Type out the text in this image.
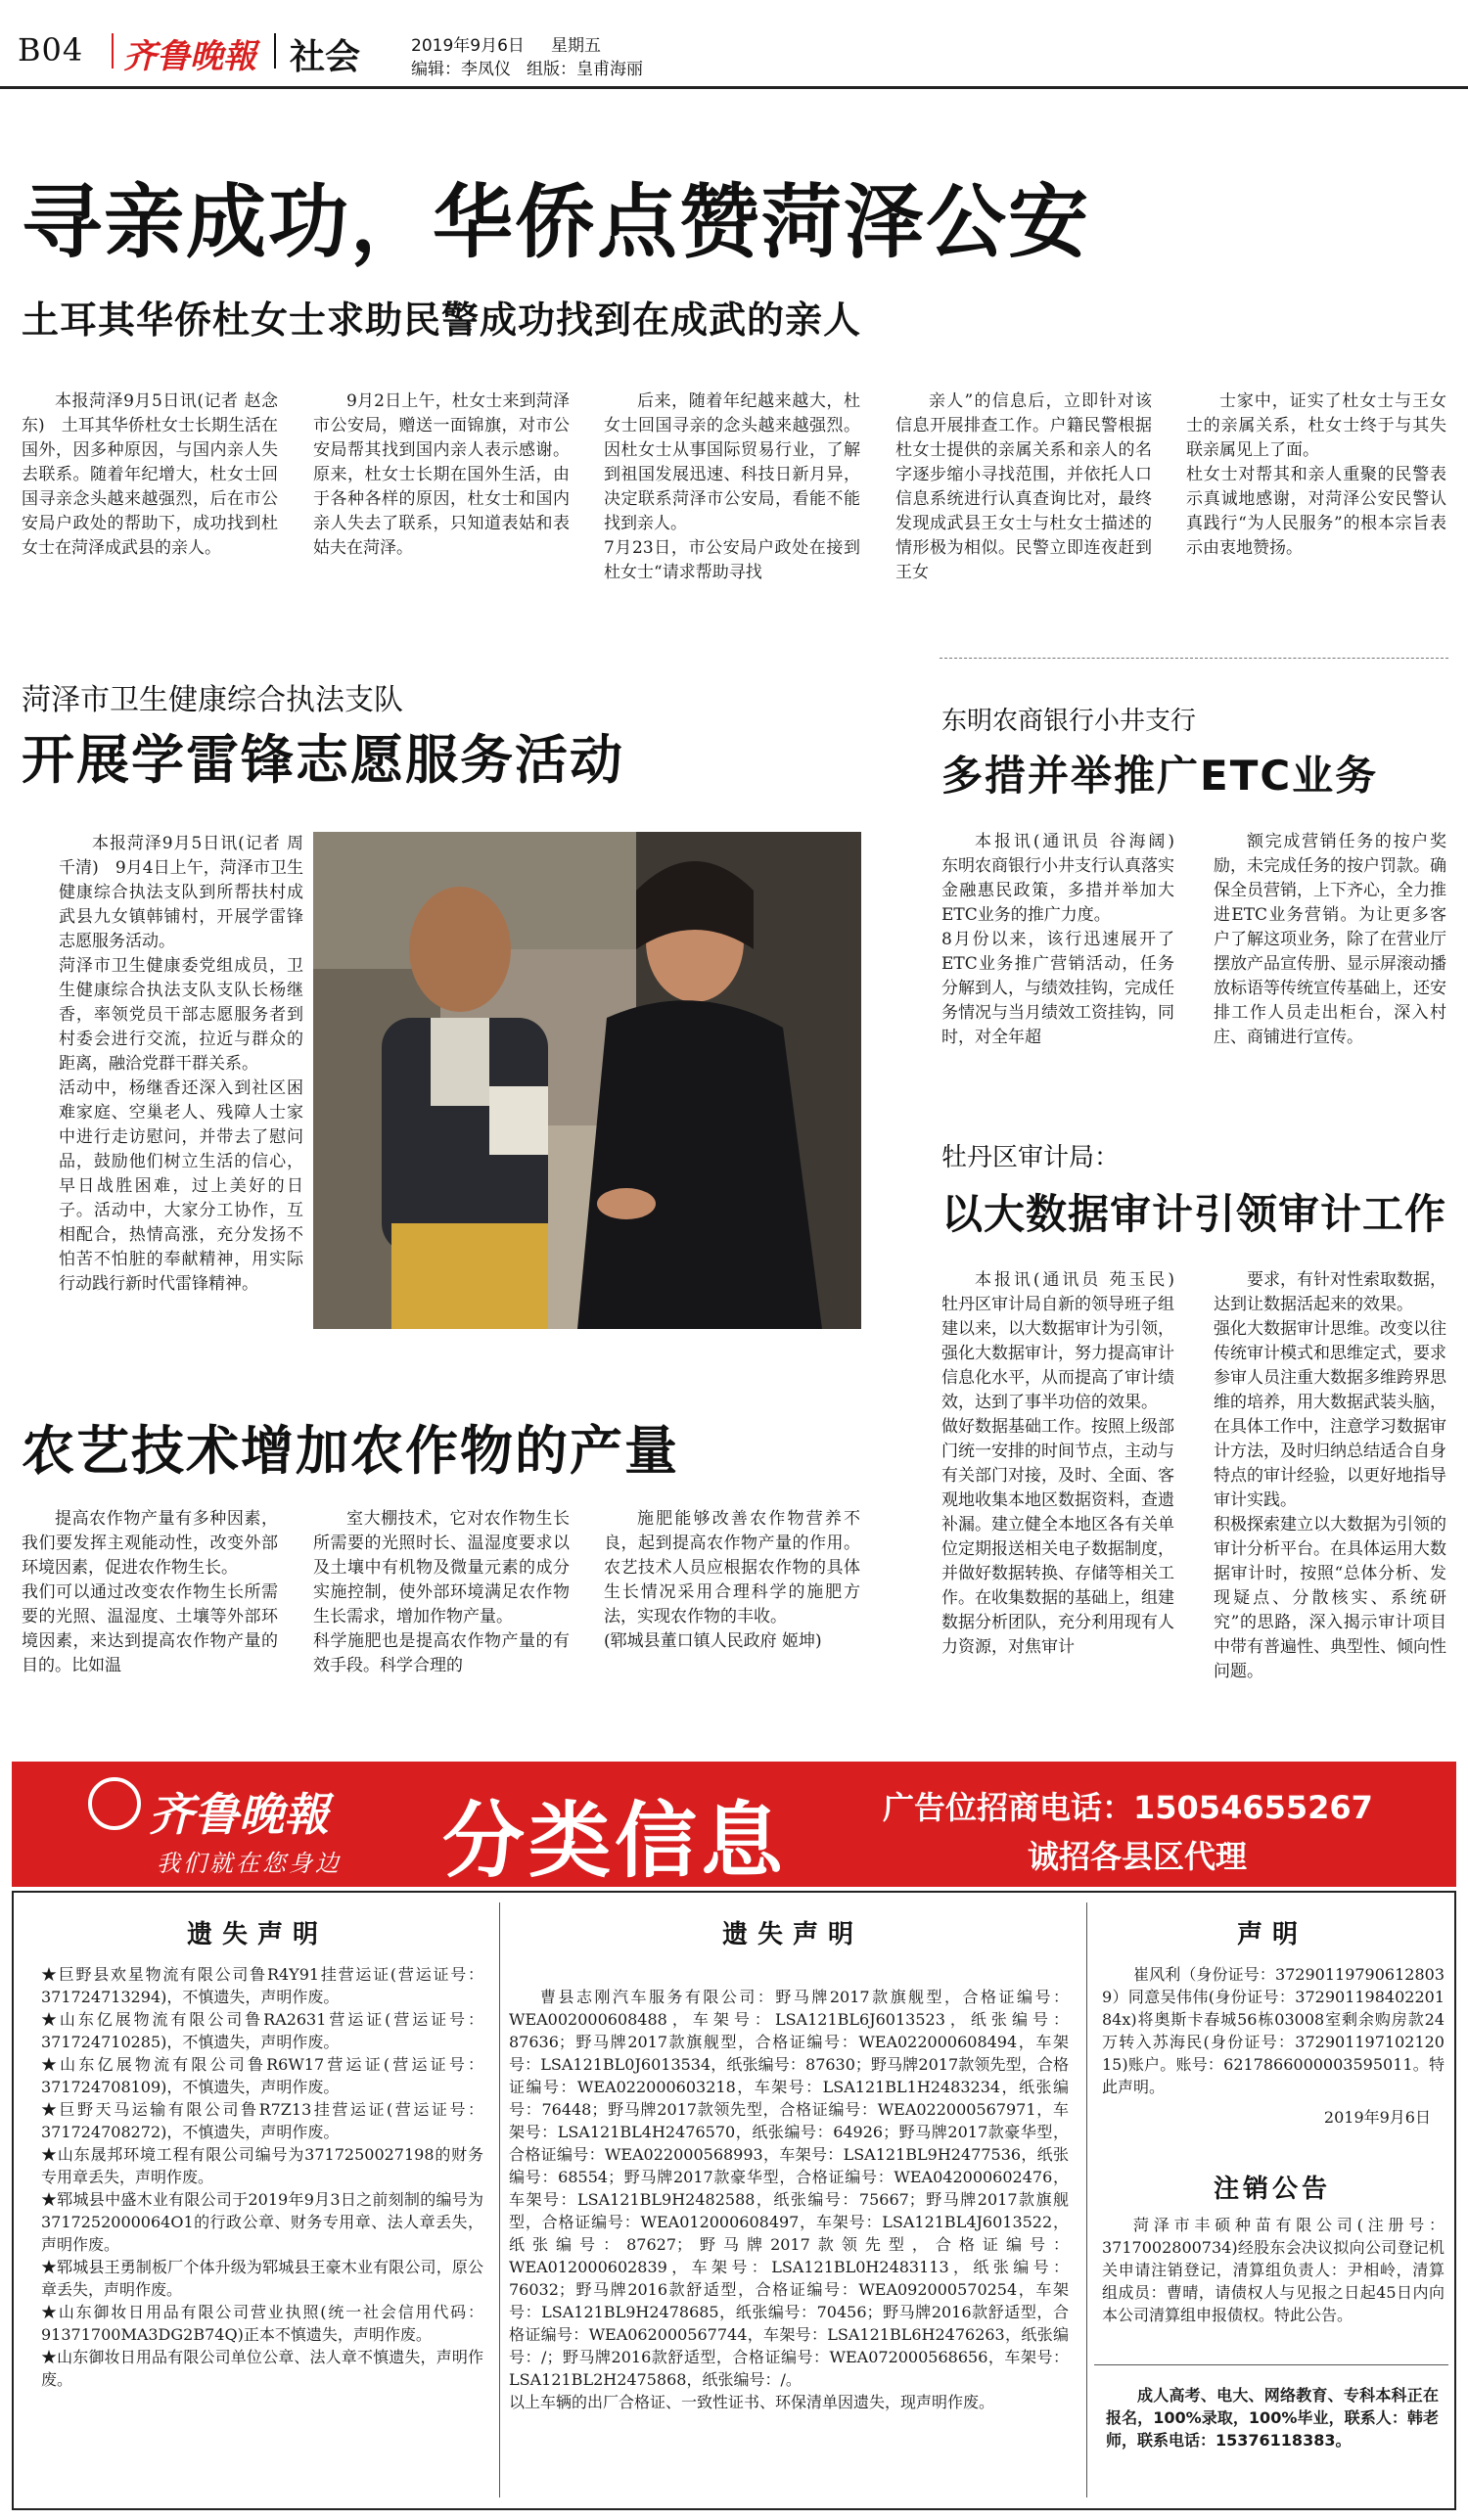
B04 齐鲁晚報 社会	2019年9月6日 星期五
编辑：李凤仪 组版：皇甫海丽
寻亲成功，华侨点赞菏泽公安
土耳其华侨杜女士求助民警成功找到在成武的亲人

本报菏泽9月5日讯(记者 赵念东)　土耳其华侨杜女士长期生活在国外，因多种原因，与国内亲人失去联系。随着年纪增大，杜女士回国寻亲念头越来越强烈，后在市公安局户政处的帮助下，成功找到杜女士在菏泽成武县的亲人。

9月2日上午，杜女士来到菏泽市公安局，赠送一面锦旗，对市公安局帮其找到国内亲人表示感谢。原来，杜女士长期在国外生活，由于各种各样的原因，杜女士和国内亲人失去了联系，只知道表姑和表姑夫在菏泽。

后来，随着年纪越来越大，杜女士回国寻亲的念头越来越强烈。因杜女士从事国际贸易行业，了解到祖国发展迅速、科技日新月异，决定联系菏泽市公安局，看能不能找到亲人。
7月23日，市公安局户政处在接到杜女士“请求帮助寻找

亲人”的信息后，立即针对该信息开展排查工作。户籍民警根据杜女士提供的亲属关系和亲人的名字逐步缩小寻找范围，并依托人口信息系统进行认真查询比对，最终发现成武县王女士与杜女士描述的情形极为相似。民警立即连夜赶到王女

士家中，证实了杜女士与王女士的亲属关系，杜女士终于与其失联亲属见上了面。
杜女士对帮其和亲人重聚的民警表示真诚地感谢，对菏泽公安民警认真践行“为人民服务”的根本宗旨表示由衷地赞扬。

菏泽市卫生健康综合执法支队
开展学雷锋志愿服务活动

本报菏泽9月5日讯(记者 周千清)　9月4日上午，菏泽市卫生健康综合执法支队到所帮扶村成武县九女镇韩铺村，开展学雷锋志愿服务活动。
菏泽市卫生健康委党组成员，卫生健康综合执法支队支队长杨继香，率领党员干部志愿服务者到村委会进行交流，拉近与群众的距离，融洽党群干群关系。
活动中，杨继香还深入到社区困难家庭、空巢老人、残障人士家中进行走访慰问，并带去了慰问品，鼓励他们树立生活的信心，早日战胜困难，过上美好的日子。活动中，大家分工协作，互相配合，热情高涨，充分发扬不怕苦不怕脏的奉献精神，用实际行动践行新时代雷锋精神。

农艺技术增加农作物的产量

提高农作物产量有多种因素，我们要发挥主观能动性，改变外部环境因素，促进农作物生长。
我们可以通过改变农作物生长所需要的光照、温湿度、土壤等外部环境因素，来达到提高农作物产量的目的。比如温

室大棚技术，它对农作物生长所需要的光照时长、温湿度要求以及土壤中有机物及微量元素的成分实施控制，使外部环境满足农作物生长需求，增加作物产量。
科学施肥也是提高农作物产量的有效手段。科学合理的

施肥能够改善农作物营养不良，起到提高农作物产量的作用。农艺技术人员应根据农作物的具体生长情况采用合理科学的施肥方法，实现农作物的丰收。
(郓城县董口镇人民政府 姬坤)

东明农商银行小井支行
多措并举推广ETC业务

本报讯(通讯员 谷海阔)　东明农商银行小井支行认真落实金融惠民政策，多措并举加大ETC业务的推广力度。
8月份以来，该行迅速展开了ETC业务推广营销活动，任务分解到人，与绩效挂钩，完成任务情况与当月绩效工资挂钩，同时，对全年超

额完成营销任务的按户奖励，未完成任务的按户罚款。确保全员营销，上下齐心，全力推进ETC业务营销。为让更多客户了解这项业务，除了在营业厅摆放产品宣传册、显示屏滚动播放标语等传统宣传基础上，还安排工作人员走出柜台，深入村庄、商铺进行宣传。

牡丹区审计局：
以大数据审计引领审计工作

本报讯(通讯员 苑玉民)　牡丹区审计局自新的领导班子组建以来，以大数据审计为引领，强化大数据审计，努力提高审计信息化水平，从而提高了审计绩效，达到了事半功倍的效果。
做好数据基础工作。按照上级部门统一安排的时间节点，主动与有关部门对接，及时、全面、客观地收集本地区数据资料，查遗补漏。建立健全本地区各有关单位定期报送相关电子数据制度，并做好数据转换、存储等相关工作。在收集数据的基础上，组建数据分析团队，充分利用现有人力资源，对焦审计

要求，有针对性索取数据，达到让数据活起来的效果。
强化大数据审计思维。改变以往传统审计模式和思维定式，要求参审人员注重大数据多维跨界思维的培养，用大数据武装头脑，在具体工作中，注意学习数据审计方法，及时归纳总结适合自身特点的审计经验，以更好地指导审计实践。
积极探索建立以大数据为引领的审计分析平台。在具体运用大数据审计时，按照“总体分析、发现疑点、分散核实、系统研究”的思路，深入揭示审计项目中带有普遍性、典型性、倾向性问题。

齐鲁晚報
我们就在您身边 分类信息	广告位招商电话：15054655267
诚招各县区代理
遗失声明

★巨野县欢星物流有限公司鲁R4Y91挂营运证(营运证号：371724713294)，不慎遗失，声明作废。

★山东亿展物流有限公司鲁RA2631营运证(营运证号：371724710285)，不慎遗失，声明作废。

★山东亿展物流有限公司鲁R6W17营运证(营运证号：371724708109)，不慎遗失，声明作废。

★巨野天马运输有限公司鲁R7Z13挂营运证(营运证号：371724708272)，不慎遗失，声明作废。

★山东晟邦环境工程有限公司编号为3717250027198的财务专用章丢失，声明作废。

★郓城县中盛木业有限公司于2019年9月3日之前刻制的编号为3717252000064O1的行政公章、财务专用章、法人章丢失，声明作废。

★郓城县王勇制板厂个体升级为郓城县王豪木业有限公司，原公章丢失，声明作废。

★山东御妆日用品有限公司营业执照(统一社会信用代码：91371700MA3DG2B74Q)正本不慎遗失，声明作废。

★山东御妆日用品有限公司单位公章、法人章不慎遗失，声明作废。

遗失声明

曹县志刚汽车服务有限公司：野马牌2017款旗舰型，合格证编号：WEA002000608488，车架号：LSA121BL6J6013523，纸张编号：87636；野马牌2017款旗舰型，合格证编号：WEA022000608494，车架号：LSA121BL0J6013534，纸张编号：87630；野马牌2017款领先型，合格证编号：WEA022000603218，车架号：LSA121BL1H2483234，纸张编号：76448；野马牌2017款领先型，合格证编号：WEA022000567971，车架号：LSA121BL4H2476570，纸张编号：64926；野马牌2017款豪华型，合格证编号：WEA022000568993，车架号：LSA121BL9H2477536，纸张编号：68554；野马牌2017款豪华型，合格证编号：WEA042000602476，车架号：LSA121BL9H2482588，纸张编号：75667；野马牌2017款旗舰型，合格证编号：WEA012000608497，车架号：LSA121BL4J6013522，纸张编号：87627；野马牌2017款领先型，合格证编号：WEA012000602839，车架号：LSA121BL0H2483113，纸张编号：76032；野马牌2016款舒适型，合格证编号：WEA092000570254，车架号：LSA121BL9H2478685，纸张编号：70456；野马牌2016款舒适型，合格证编号：WEA062000567744，车架号：LSA121BL6H2476263，纸张编号：/；野马牌2016款舒适型，合格证编号：WEA072000568656，车架号：LSA121BL2H2475868，纸张编号：/。
以上车辆的出厂合格证、一致性证书、环保清单因遗失，现声明作废。

声明

崔风利（身份证号：37290119790612803​9）同意吴伟伟(身份证号：372901198402201​84x)将奥斯卡春城56栋03008室剩余购房款24万转入苏海民(身份证号：372901197102120​15)账户。账号：621786600000359​5011。特此声明。

2019年9月6日
注销公告

菏泽市丰硕种苗有限公司(注册号：3717002800734)经股东会决议拟向公司登记机关申请注销登记，清算组负责人：尹相岭，清算组成员：曹晴，请债权人与见报之日起45日内向本公司清算组申报债权。特此公告。

成人高考、电大、网络教育、专科本科正在报名，100%录取，100%毕业，联系人：韩老师，联系电话：15376118383。
